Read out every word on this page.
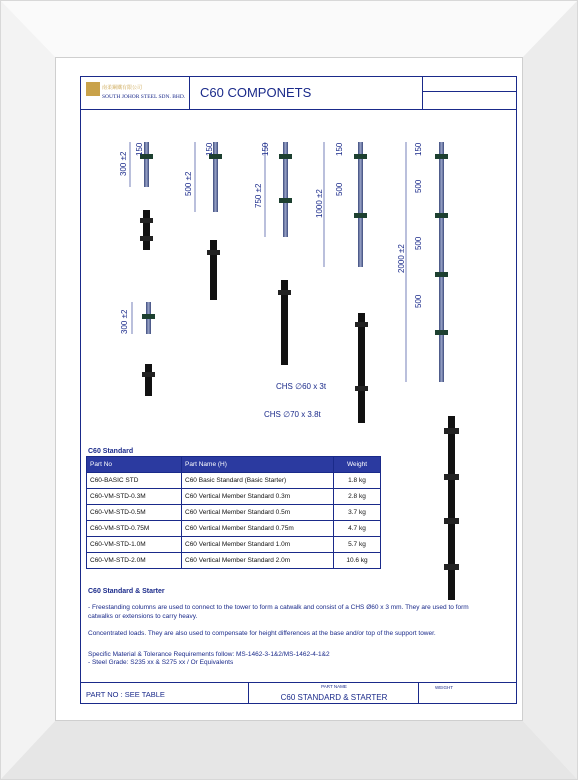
南柔鋼鐵有限公司
SOUTH JOHOR STEEL SDN. BHD. C60 COMPONETS
300 ±2
150
500 ±2
150
750 ±2
150
1000 ±2 500
150
2000 ±2
500
500
500
150
300 ±2
CHS ∅60 x 3t
CHS ∅70 x 3.8t
C60 Standard
Part No	Part Name (H)	Weight
C60-BASIC STD	C60 Basic Standard (Basic Starter)	1.8 kg
C60-VM-STD-0.3M	C60 Vertical Member Standard 0.3m	2.8 kg
C60-VM-STD-0.5M	C60 Vertical Member Standard 0.5m	3.7 kg
C60-VM-STD-0.75M	C60 Vertical Member Standard 0.75m	4.7 kg
C60-VM-STD-1.0M	C60 Vertical Member Standard 1.0m	5.7 kg
C60-VM-STD-2.0M	C60 Vertical Member Standard 2.0m	10.6 kg
C60 Standard & Starter
- Freestanding columns are used to connect to the tower to form a catwalk and consist of a CHS Ø60 x 3 mm. They are used to form catwalks or extensions to carry heavy.
Concentrated loads. They are also used to compensate for height differences at the base and/or top of the support tower.
Specific Material & Tolerance Requirements follow: MS-1462-3-1&2/MS-1462-4-1&2
- Steel Grade: S235 xx & S275 xx / Or Equivalents
PART NO : SEE TABLE
PART NAME
C60 STANDARD & STARTER
WEIGHT
